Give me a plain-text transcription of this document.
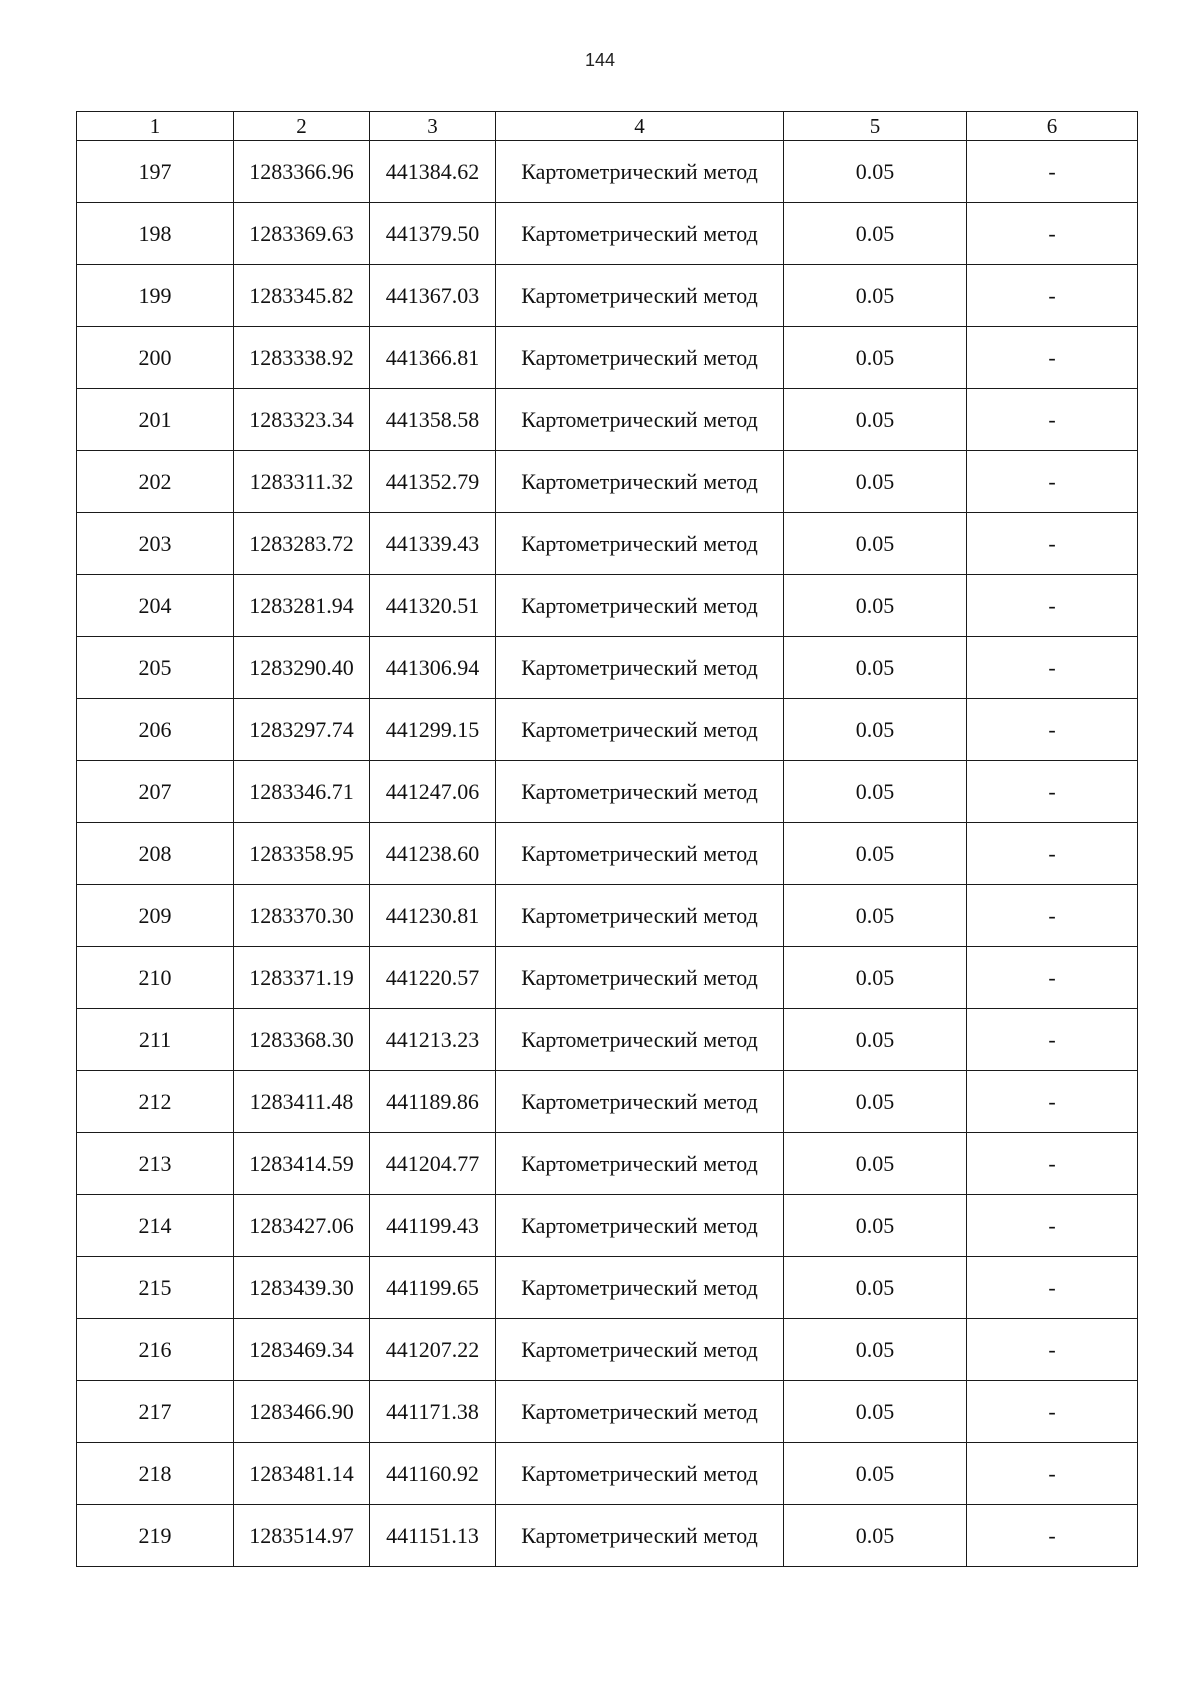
144
1	2	3	4	5	6
197	1283366.96	441384.62	Картометрический метод	0.05	-
198	1283369.63	441379.50	Картометрический метод	0.05	-
199	1283345.82	441367.03	Картометрический метод	0.05	-
200	1283338.92	441366.81	Картометрический метод	0.05	-
201	1283323.34	441358.58	Картометрический метод	0.05	-
202	1283311.32	441352.79	Картометрический метод	0.05	-
203	1283283.72	441339.43	Картометрический метод	0.05	-
204	1283281.94	441320.51	Картометрический метод	0.05	-
205	1283290.40	441306.94	Картометрический метод	0.05	-
206	1283297.74	441299.15	Картометрический метод	0.05	-
207	1283346.71	441247.06	Картометрический метод	0.05	-
208	1283358.95	441238.60	Картометрический метод	0.05	-
209	1283370.30	441230.81	Картометрический метод	0.05	-
210	1283371.19	441220.57	Картометрический метод	0.05	-
211	1283368.30	441213.23	Картометрический метод	0.05	-
212	1283411.48	441189.86	Картометрический метод	0.05	-
213	1283414.59	441204.77	Картометрический метод	0.05	-
214	1283427.06	441199.43	Картометрический метод	0.05	-
215	1283439.30	441199.65	Картометрический метод	0.05	-
216	1283469.34	441207.22	Картометрический метод	0.05	-
217	1283466.90	441171.38	Картометрический метод	0.05	-
218	1283481.14	441160.92	Картометрический метод	0.05	-
219	1283514.97	441151.13	Картометрический метод	0.05	-
